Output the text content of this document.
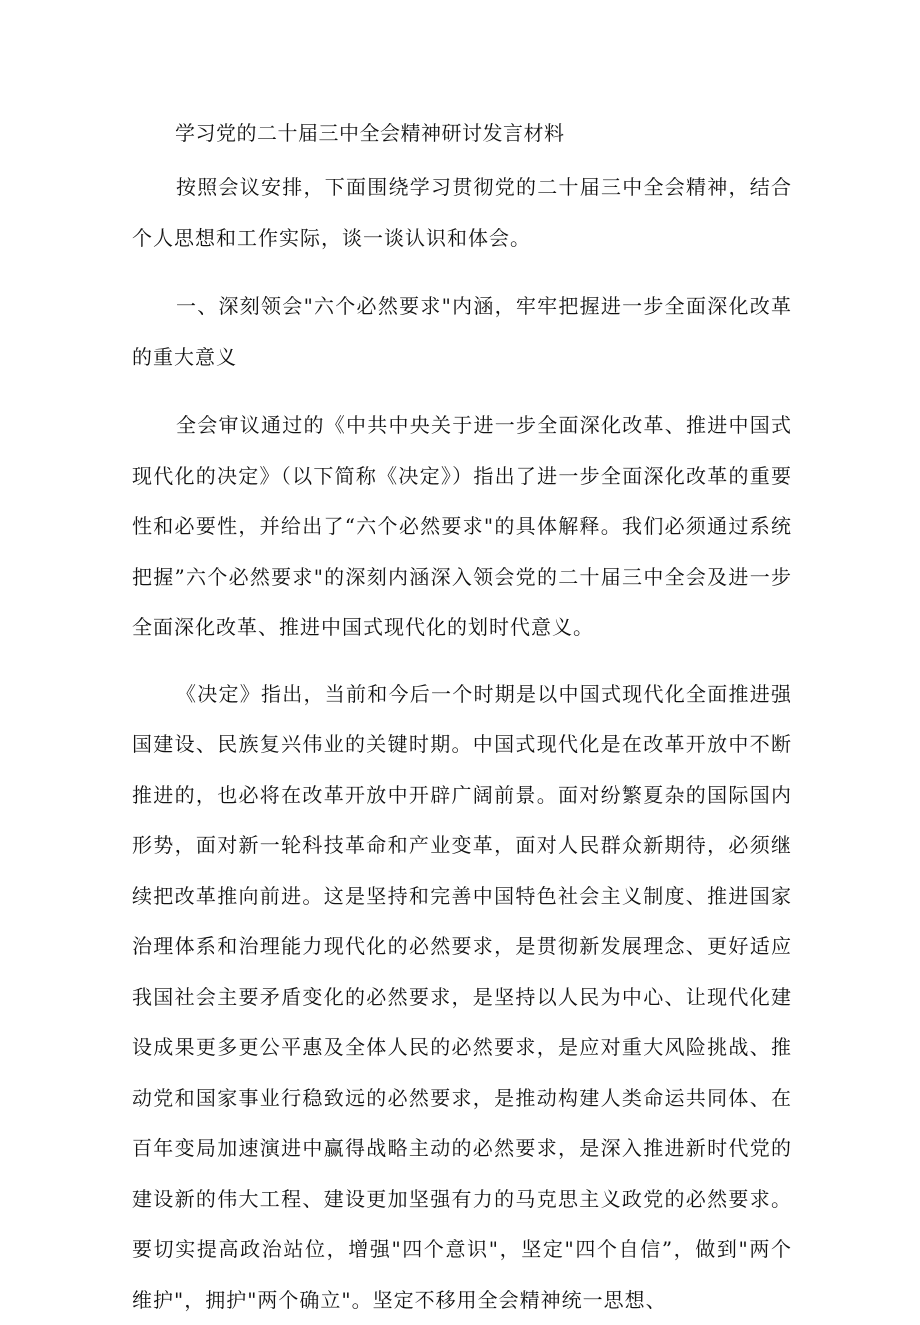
学习党的二十届三中全会精神研讨发言材料

按照会议安排，下面围绕学习贯彻党的二十届三中全会精神，结合个人思想和工作实际，谈一谈认识和体会。

一、深刻领会"六个必然要求"内涵，牢牢把握进一步全面深化改革的重大意义

全会审议通过的《中共中央关于进一步全面深化改革、推进中国式现代化的决定》（以下简称《决定》）指出了进一步全面深化改革的重要性和必要性，并给出了“六个必然要求"的具体解释。我们必须通过系统把握”六个必然要求"的深刻内涵深入领会党的二十届三中全会及进一步全面深化改革、推进中国式现代化的划时代意义。

《决定》指出，当前和今后一个时期是以中国式现代化全面推进强国建设、民族复兴伟业的关键时期。中国式现代化是在改革开放中不断推进的，也必将在改革开放中开辟广阔前景。面对纷繁夏杂的国际国内形势，面对新一轮科技革命和产业变革，面对人民群众新期待，必须继续把改革推向前进。这是坚持和完善中国特色社会主义制度、推进国家治理体系和治理能力现代化的必然要求，是贯彻新发展理念、更好适应我国社会主要矛盾变化的必然要求，是坚持以人民为中心、让现代化建设成果更多更公平惠及全体人民的必然要求，是应对重大风险挑战、推动党和国家事业行稳致远的必然要求，是推动构建人类命运共同体、在百年变局加速演进中赢得战略主动的必然要求，是深入推进新时代党的建设新的伟大工程、建设更加坚强有力的马克思主义政党的必然要求。要切实提高政治站位，增强"四个意识"，坚定"四个自信”，做到"两个维护"，拥护"两个确立"。坚定不移用全会精神统一思想、
